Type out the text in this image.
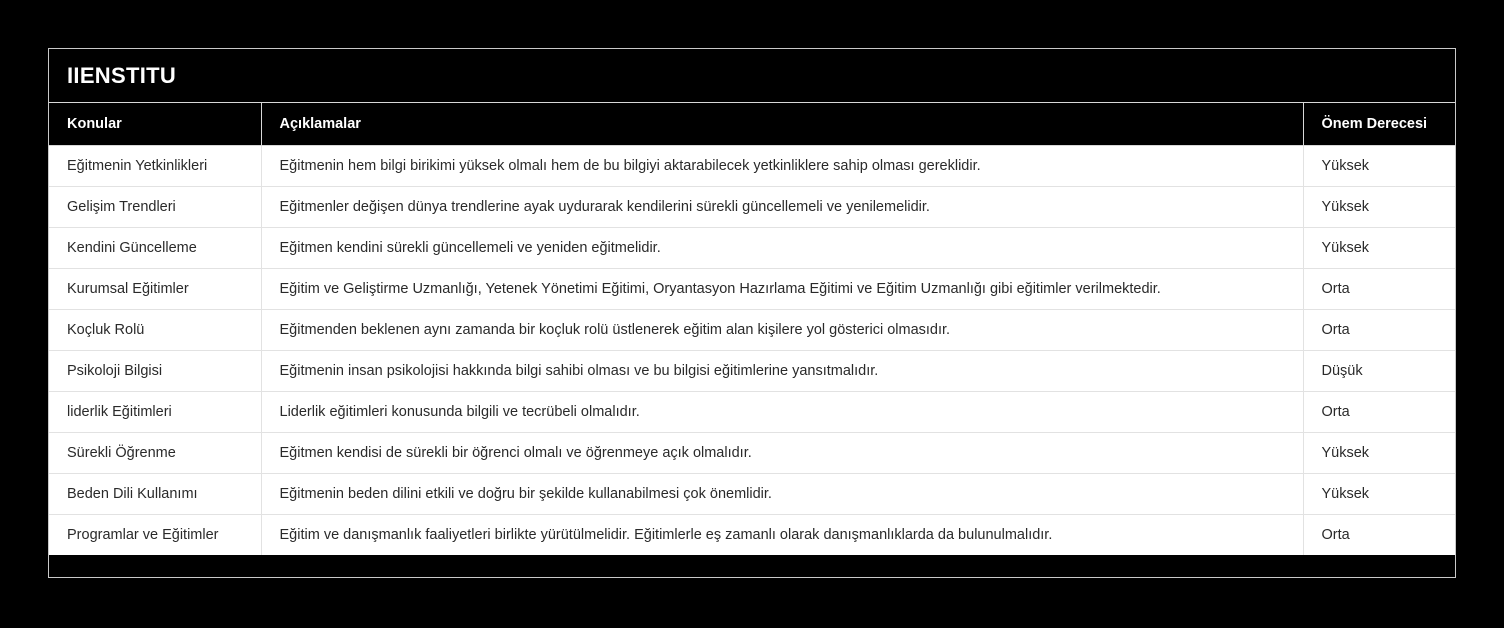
IIENSTITU
Konular	Açıklamalar	Önem Derecesi
Eğitmenin Yetkinlikleri	Eğitmenin hem bilgi birikimi yüksek olmalı hem de bu bilgiyi aktarabilecek yetkinliklere sahip olması gereklidir.	Yüksek
Gelişim Trendleri	Eğitmenler değişen dünya trendlerine ayak uydurarak kendilerini sürekli güncellemeli ve yenilemelidir.	Yüksek
Kendini Güncelleme	Eğitmen kendini sürekli güncellemeli ve yeniden eğitmelidir.	Yüksek
Kurumsal Eğitimler	Eğitim ve Geliştirme Uzmanlığı, Yetenek Yönetimi Eğitimi, Oryantasyon Hazırlama Eğitimi ve Eğitim Uzmanlığı gibi eğitimler verilmektedir.	Orta
Koçluk Rolü	Eğitmenden beklenen aynı zamanda bir koçluk rolü üstlenerek eğitim alan kişilere yol gösterici olmasıdır.	Orta
Psikoloji Bilgisi	Eğitmenin insan psikolojisi hakkında bilgi sahibi olması ve bu bilgisi eğitimlerine yansıtmalıdır.	Düşük
liderlik Eğitimleri	Liderlik eğitimleri konusunda bilgili ve tecrübeli olmalıdır.	Orta
Sürekli Öğrenme	Eğitmen kendisi de sürekli bir öğrenci olmalı ve öğrenmeye açık olmalıdır.	Yüksek
Beden Dili Kullanımı	Eğitmenin beden dilini etkili ve doğru bir şekilde kullanabilmesi çok önemlidir.	Yüksek
Programlar ve Eğitimler	Eğitim ve danışmanlık faaliyetleri birlikte yürütülmelidir. Eğitimlerle eş zamanlı olarak danışmanlıklarda da bulunulmalıdır.	Orta
